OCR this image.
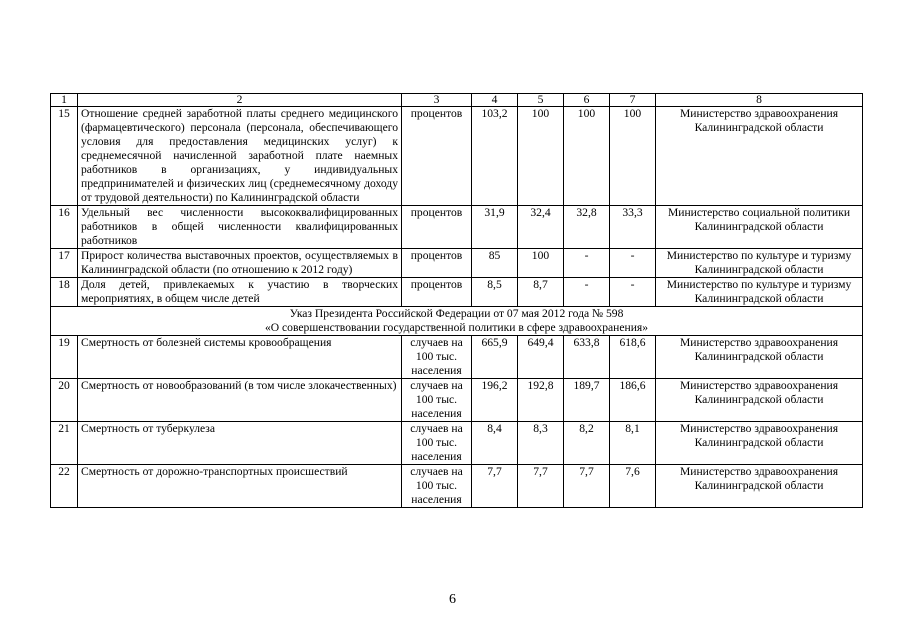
1	2	3	4	5	6	7	8
15	Отношение средней заработной платы среднего медицинского (фармацевтического) персонала (персонала, обеспечивающего условия для предоставления медицинских услуг) к среднемесячной начисленной заработной плате наемных работников в организациях, у индивидуальных предпринимателей и физических лиц (среднемесячному доходу от трудовой деятельности) по Калининградской области	процентов	103,2	100	100	100	Министерство здравоохранения Калининградской области
16	Удельный вес численности высококвалифицированных работников в общей численности квалифицированных работников	процентов	31,9	32,4	32,8	33,3	Министерство социальной политики Калининградской области
17	Прирост количества выставочных проектов, осуществляемых в Калининградской области (по отношению к 2012 году)	процентов	85	100	-	-	Министерство по культуре и туризму Калининградской области
18	Доля детей, привлекаемых к участию в творческих мероприятиях, в общем числе детей	процентов	8,5	8,7	-	-	Министерство по культуре и туризму Калининградской области

Указ Президента Российской Федерации от 07 мая 2012 года № 598
«О совершенствовании государственной политики в сфере здравоохранения»							

19	Смертность от болезней системы кровообращения	случаев на 100 тыс. населения	665,9	649,4	633,8	618,6	Министерство здравоохранения Калининградской области
20	Смертность от новообразований (в том числе злокачественных)	случаев на 100 тыс. населения	196,2	192,8	189,7	186,6	Министерство здравоохранения Калининградской области
21	Смертность от туберкулеза	случаев на 100 тыс. населения	8,4	8,3	8,2	8,1	Министерство здравоохранения Калининградской области
22	Смертность от дорожно-транспортных происшествий	случаев на 100 тыс. населения	7,7	7,7	7,7	7,6	Министерство здравоохранения Калининградской области
6
